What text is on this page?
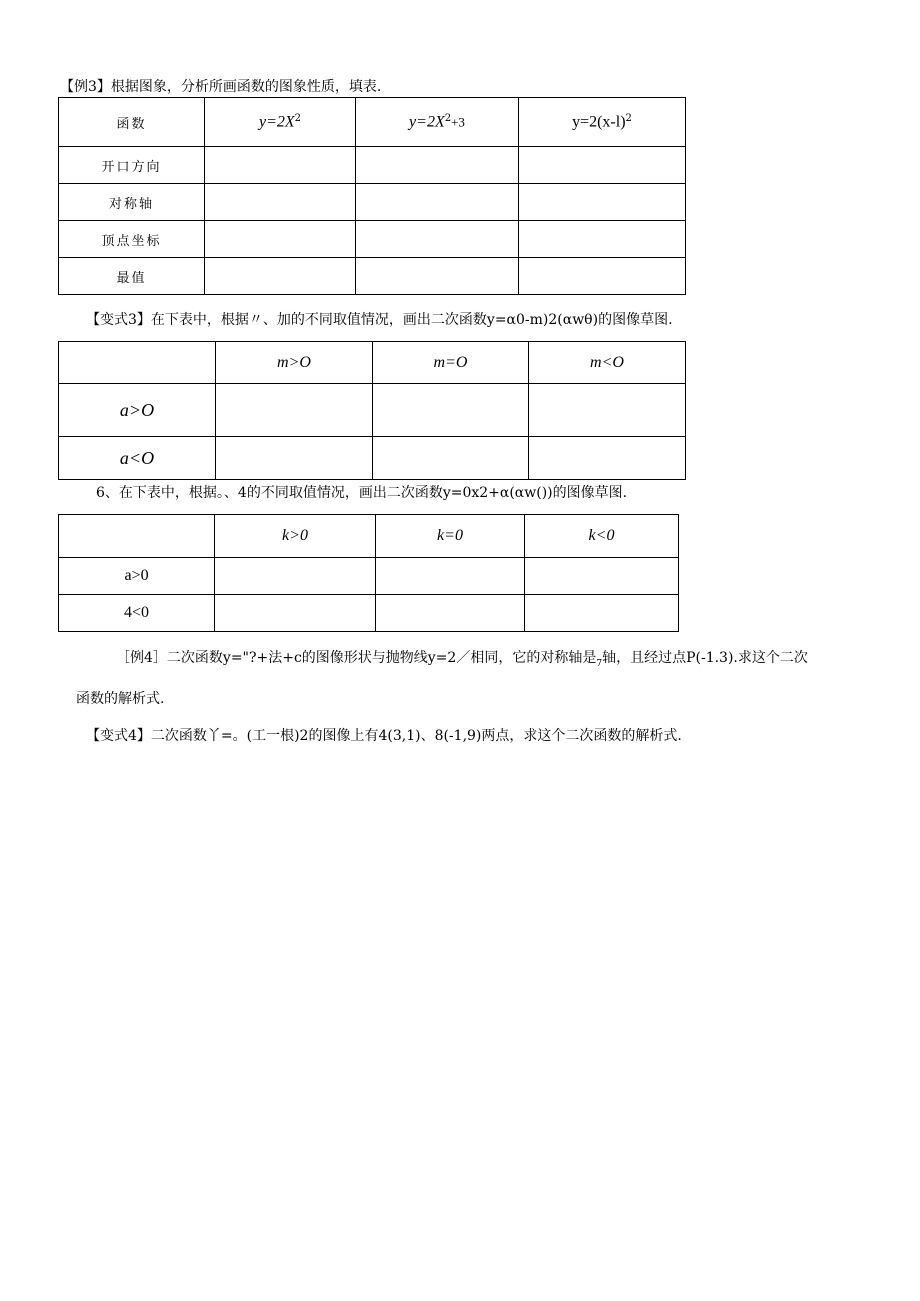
【例3】根据图象，分析所画函数的图象性质，填表.
函数	$y=2X^2$	$y=2X^2+3$	$y=2(x-l)^2$
开口方向			
对称轴			
顶点坐标			
最值			
【变式3】在下表中，根据〃、加的不同取值情况，画出二次函数y=α0-m)2(αwθ)的图像草图.
	m>O	m=O	m<O
a>O			
a<O			
6、在下表中，根据。、4的不同取值情况，画出二次函数y=0x2+α(αw())的图像草图.
	k>0	k=0	k<0
a>0			
4<0			
［例4］二次函数y="?+法+c的图像形状与抛物线y=2／相同，它的对称轴是$_7$轴，且经过点P(-1.3).求这个二次
函数的解析式.
【变式4】二次函数丫=。(工一根)2的图像上有4(3,1)、8(-1,9)两点，求这个二次函数的解析式.
